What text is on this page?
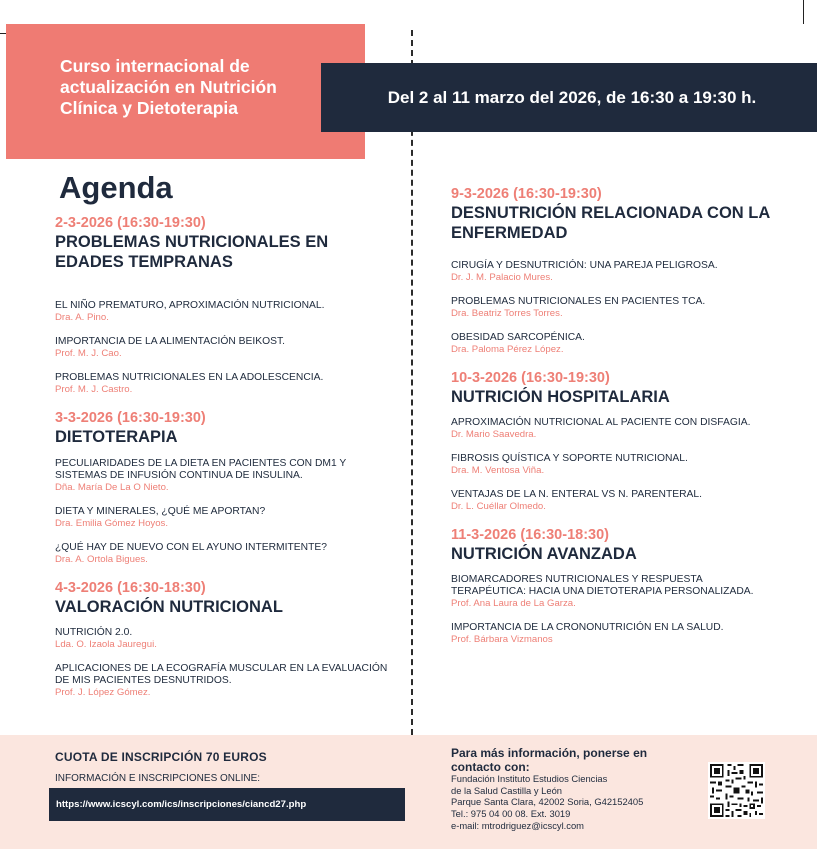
Curso internacional de actualización en Nutrición Clínica y Dietoterapia
Del 2 al 11 marzo del 2026, de 16:30 a 19:30 h.
Agenda
2-3-2026 (16:30-19:30)
PROBLEMAS NUTRICIONALES EN EDADES TEMPRANAS
EL NIÑO PREMATURO, APROXIMACIÓN NUTRICIONAL.
Dra. A. Pino.
IMPORTANCIA DE LA ALIMENTACIÓN BEIKOST.
Prof. M. J. Cao.
PROBLEMAS NUTRICIONALES EN LA ADOLESCENCIA.
Prof. M. J. Castro.
3-3-2026 (16:30-19:30)
DIETOTERAPIA
PECULIARIDADES DE LA DIETA EN PACIENTES CON DM1 Y SISTEMAS DE INFUSIÓN CONTINUA DE INSULINA.
Dña. María De La O Nieto.
DIETA Y MINERALES, ¿QUÉ ME APORTAN?
Dra. Emilia Gómez Hoyos.
¿QUÉ HAY DE NUEVO CON EL AYUNO INTERMITENTE?
Dra. A. Ortola Bigues.
4-3-2026 (16:30-18:30)
VALORACIÓN NUTRICIONAL
NUTRICIÓN 2.0.
Lda. O. Izaola Jauregui.
APLICACIONES DE LA ECOGRAFÍA MUSCULAR EN LA EVALUACIÓN DE MIS PACIENTES DESNUTRIDOS.
Prof. J. López Gómez.
9-3-2026 (16:30-19:30)
DESNUTRICIÓN RELACIONADA CON LA ENFERMEDAD
CIRUGÍA Y DESNUTRICIÓN: UNA PAREJA PELIGROSA.
Dr. J. M. Palacio Mures.
PROBLEMAS NUTRICIONALES EN PACIENTES TCA.
Dra. Beatriz Torres Torres.
OBESIDAD SARCOPÉNICA.
Dra. Paloma Pérez López.
10-3-2026 (16:30-19:30)
NUTRICIÓN HOSPITALARIA
APROXIMACIÓN NUTRICIONAL AL PACIENTE CON DISFAGIA.
Dr. Mario Saavedra.
FIBROSIS QUÍSTICA Y SOPORTE NUTRICIONAL.
Dra. M. Ventosa Viña.
VENTAJAS DE LA N. ENTERAL VS N. PARENTERAL.
Dr. L. Cuéllar Olmedo.
11-3-2026 (16:30-18:30)
NUTRICIÓN AVANZADA
BIOMARCADORES NUTRICIONALES Y RESPUESTA TERAPÉUTICA: HACIA UNA DIETOTERAPIA PERSONALIZADA.
Prof. Ana Laura de La Garza.
IMPORTANCIA DE LA CRONONUTRICIÓN EN LA SALUD.
Prof. Bárbara Vizmanos
CUOTA DE INSCRIPCIÓN 70 EUROS
INFORMACIÓN E INSCRIPCIONES ONLINE:
https://www.icscyl.com/ics/inscripciones/ciancd27.php
Para más información, ponerse en contacto con:
Fundación Instituto Estudios Ciencias
de la Salud Castilla y León
Parque Santa Clara, 42002 Soria, G42152405
Tel.: 975 04 00 08. Ext. 3019
e-mail: mtrodriguez@icscyl.com
